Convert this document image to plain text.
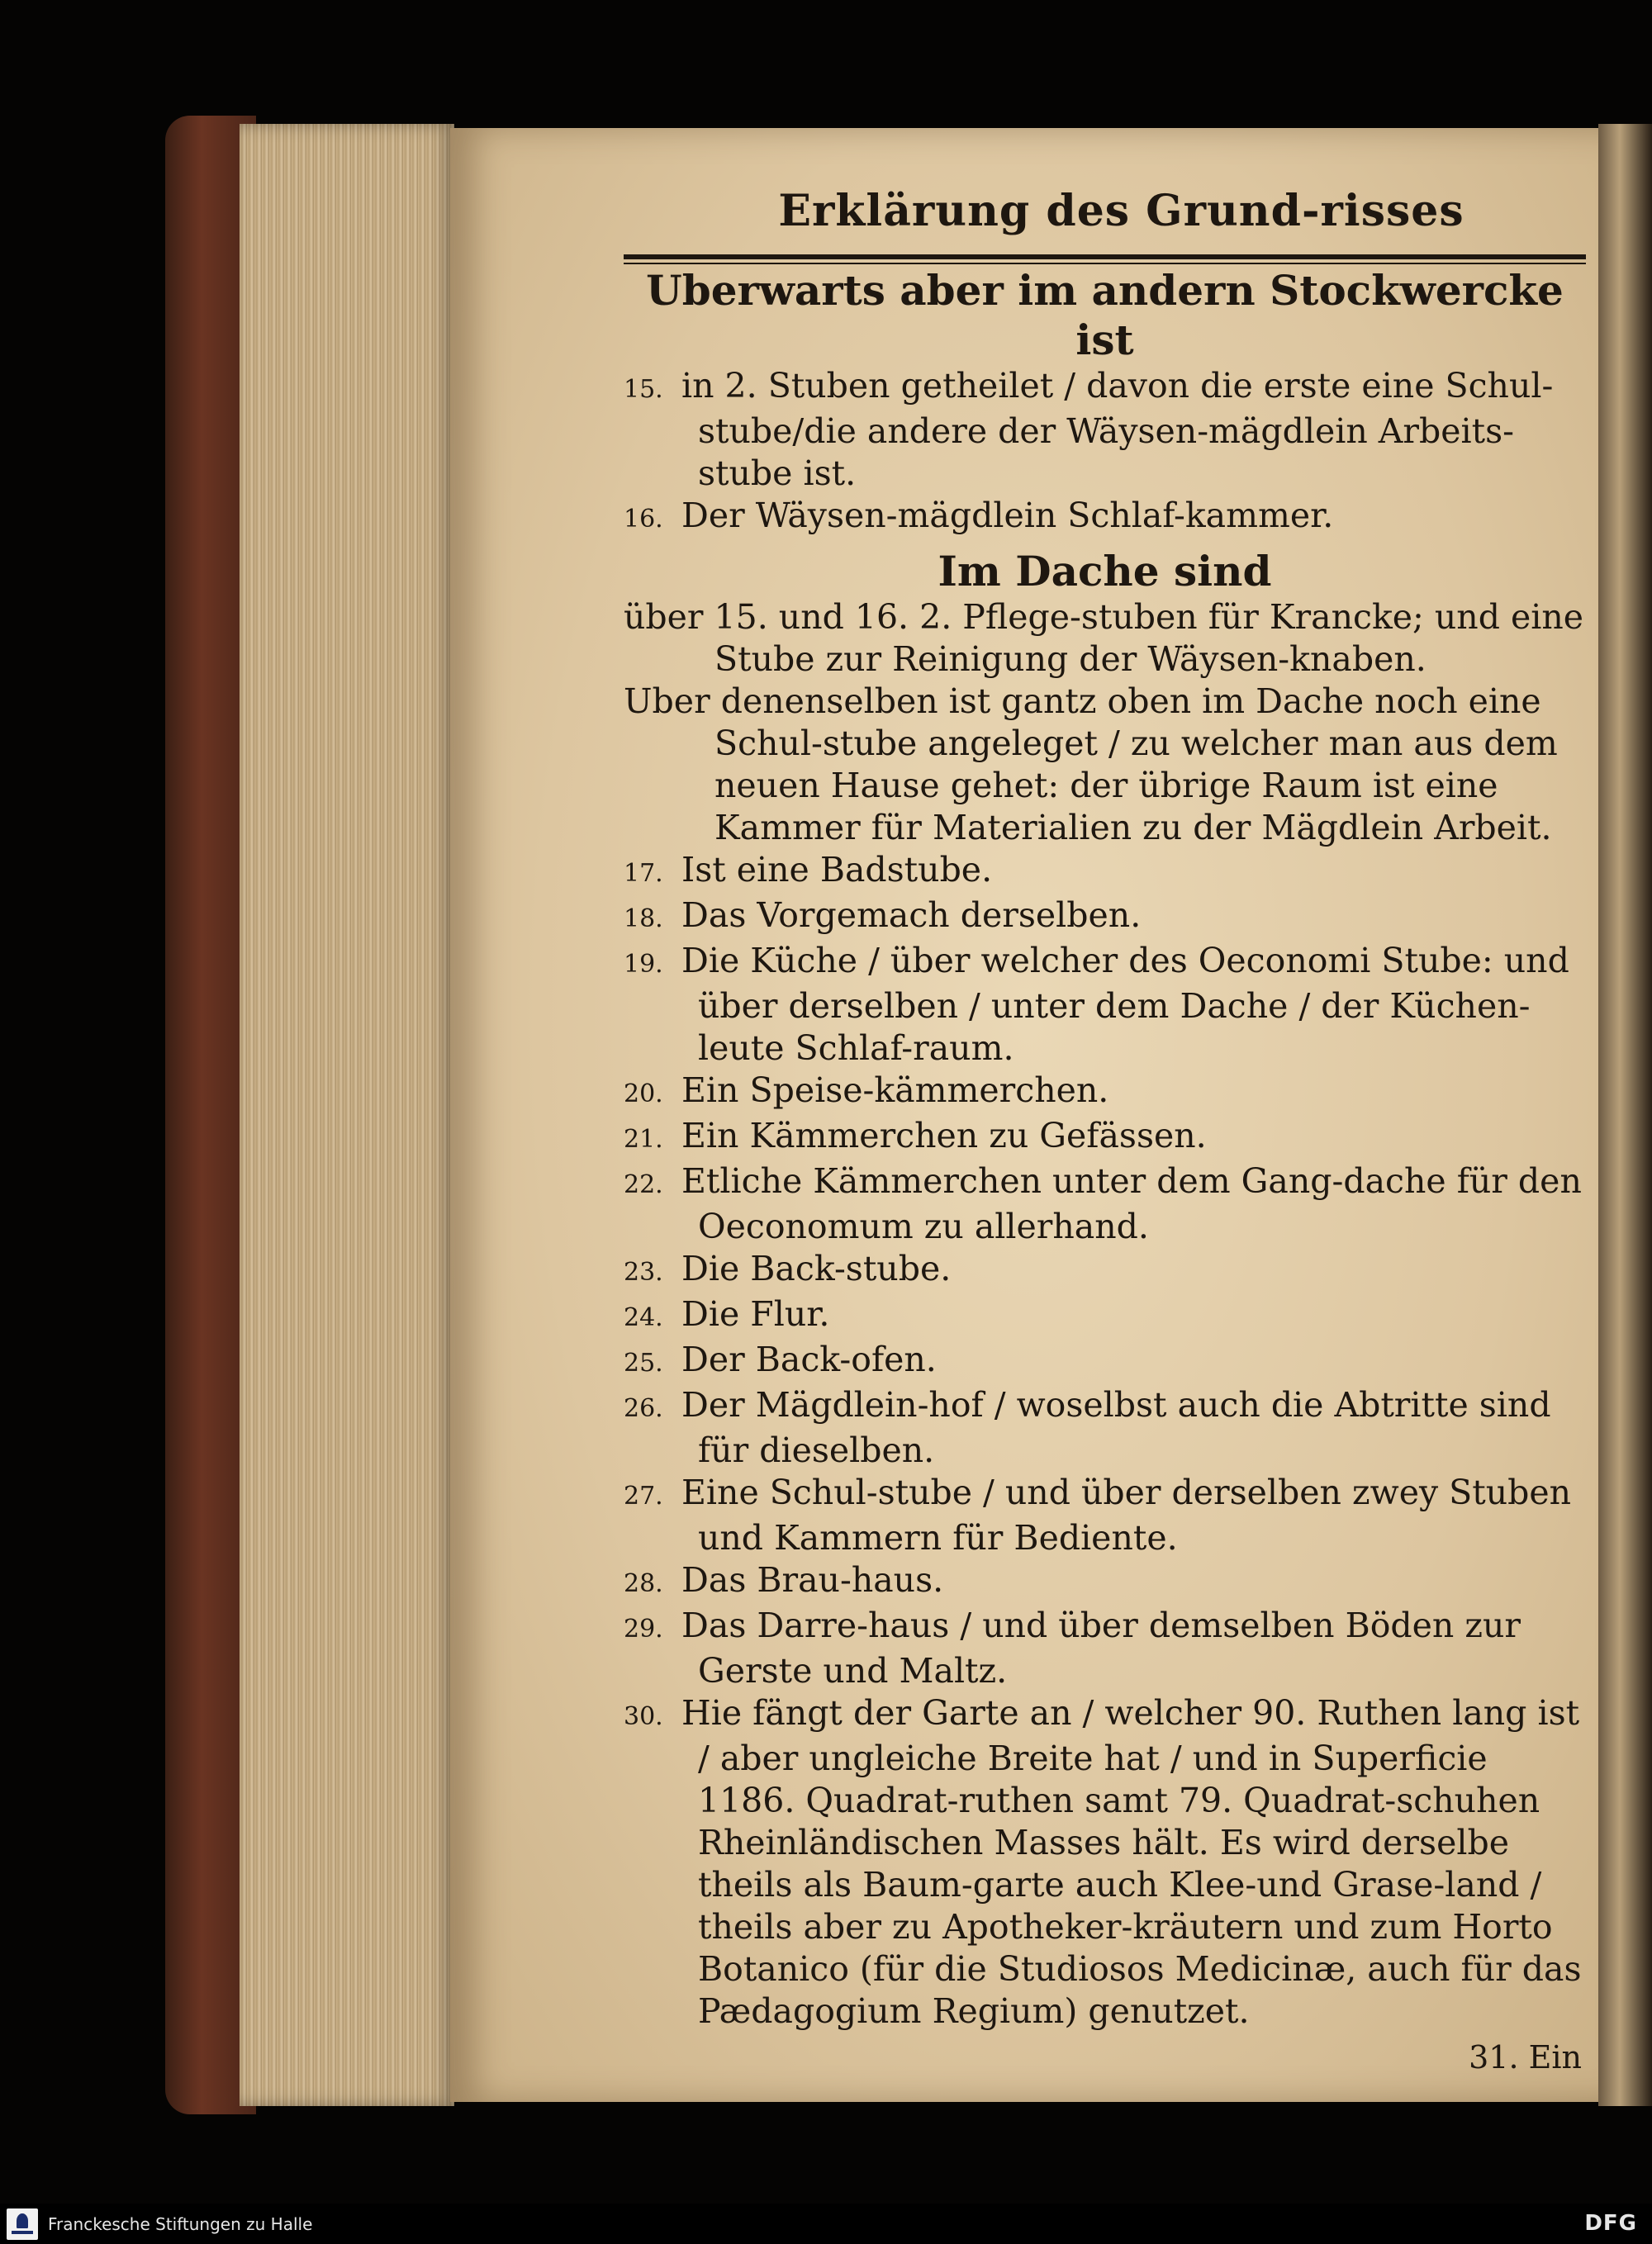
Erklärung des Grund-risses
Uberwarts aber im andern Stockwercke ist

15. in 2. Stuben getheilet / davon die erste eine Schul-stube/die andere der Wäysen-mägdlein Arbeits-stube ist.

16. Der Wäysen-mägdlein Schlaf-kammer.

Im Dache sind

über 15. und 16. 2. Pflege-stuben für Krancke; und eine Stube zur Reinigung der Wäysen-knaben.

Uber denenselben ist gantz oben im Dache noch eine Schul-stube angeleget / zu welcher man aus dem neuen Hause gehet: der übrige Raum ist eine Kammer für Materialien zu der Mägdlein Arbeit.

17. Ist eine Badstube.

18. Das Vorgemach derselben.

19. Die Küche / über welcher des Oeconomi Stube: und über derselben / unter dem Dache / der Küchen-leute Schlaf-raum.

20. Ein Speise-kämmerchen.

21. Ein Kämmerchen zu Gefässen.

22. Etliche Kämmerchen unter dem Gang-dache für den Oeconomum zu allerhand.

23. Die Back-stube.

24. Die Flur.

25. Der Back-ofen.

26. Der Mägdlein-hof / woselbst auch die Abtritte sind für dieselben.

27. Eine Schul-stube / und über derselben zwey Stuben und Kammern für Bediente.

28. Das Brau-haus.

29. Das Darre-haus / und über demselben Böden zur Gerste und Maltz.

30. Hie fängt der Garte an / welcher 90. Ruthen lang ist / aber ungleiche Breite hat / und in Superficie 1186. Quadrat-ruthen samt 79. Quadrat-schuhen Rheinländischen Masses hält. Es wird derselbe theils als Baum-garte auch Klee-und Grase-land / theils aber zu Apotheker-kräutern und zum Horto Botanico (für die Studiosos Medicinæ, auch für das Pædagogium Regium) genutzet.

31. Ein
Franckesche Stiftungen zu Halle	DFG
